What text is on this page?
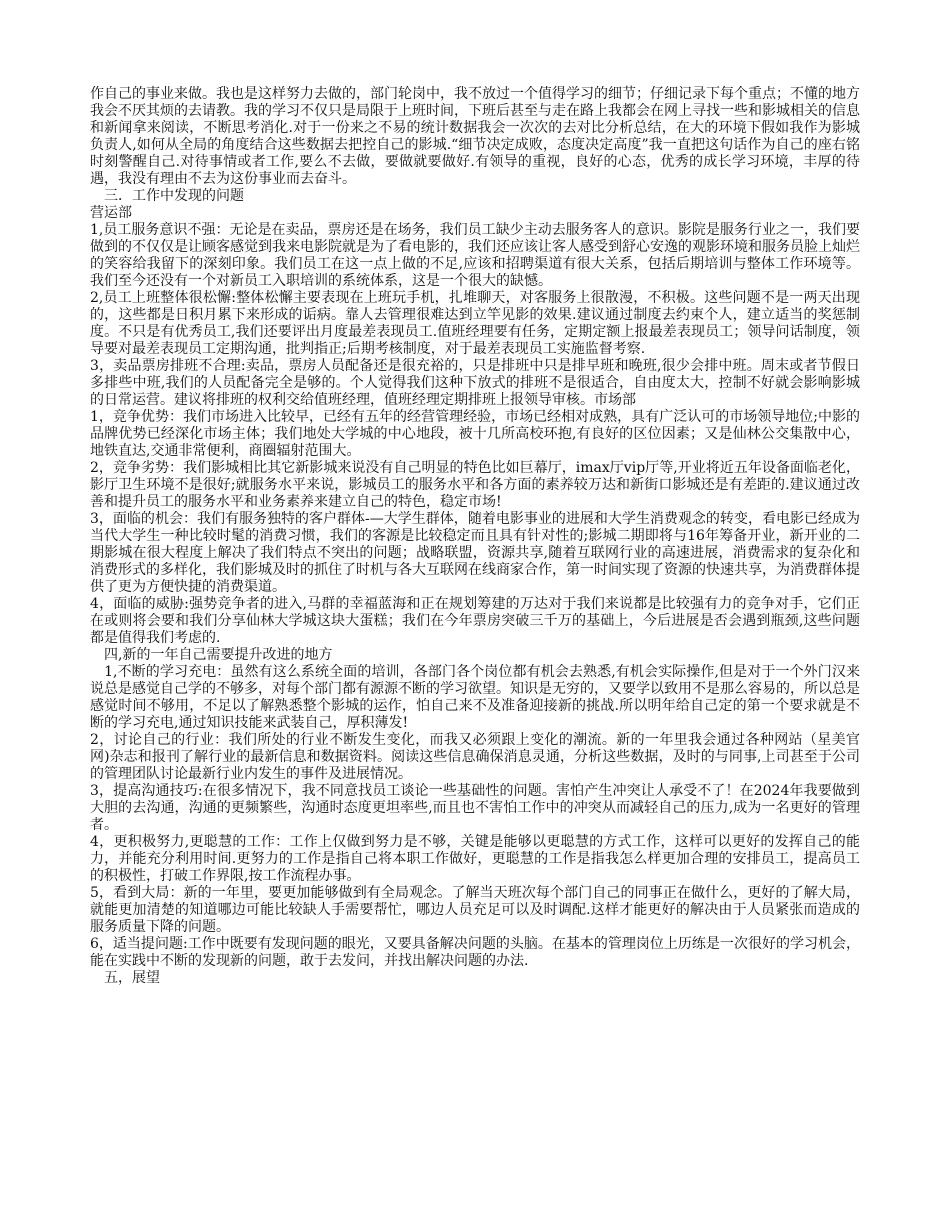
作自己的事业来做。我也是这样努力去做的，部门轮岗中，我不放过一个值得学习的细节；仔细记录下每个重点；不懂的地方我会不厌其烦的去请教。我的学习不仅只是局限于上班时间，下班后甚至与走在路上我都会在网上寻找一些和影城相关的信息和新闻拿来阅读，不断思考消化.对于一份来之不易的统计数据我会一次次的去对比分析总结，在大的环境下假如我作为影城负责人,如何从全局的角度结合这些数据去把控自己的影城.“细节决定成败，态度决定高度”我一直把这句话作为自己的座右铭时刻警醒自己.对待事情或者工作,要么不去做，要做就要做好.有领导的重视，良好的心态，优秀的成长学习环境，丰厚的待遇，我没有理由不去为这份事业而去奋斗。

　三．工作中发现的问题

营运部

1,员工服务意识不强：无论是在卖品，票房还是在场务，我们员工缺少主动去服务客人的意识。影院是服务行业之一，我们要做到的不仅仅是让顾客感觉到我来电影院就是为了看电影的，我们还应该让客人感受到舒心安逸的观影环境和服务员脸上灿烂的笑容给我留下的深刻印象。我们员工在这一点上做的不足,应该和招聘渠道有很大关系，包括后期培训与整体工作环境等。我们至今还没有一个对新员工入职培训的系统体系，这是一个很大的缺憾。

2,员工上班整体很松懈:整体松懈主要表现在上班玩手机，扎堆聊天，对客服务上很散漫，不积极。这些问题不是一两天出现的，这些都是日积月累下来形成的诟病。靠人去管理很难达到立竿见影的效果.建议通过制度去约束个人，建立适当的奖惩制度。不只是有优秀员工,我们还要评出月度最差表现员工.值班经理要有任务，定期定额上报最差表现员工；领导问话制度，领导要对最差表现员工定期沟通，批判指正;后期考核制度，对于最差表现员工实施监督考察.

3，卖品票房排班不合理:卖品，票房人员配备还是很充裕的，只是排班中只是排早班和晚班,很少会排中班。周末或者节假日多排些中班,我们的人员配备完全是够的。个人觉得我们这种下放式的排班不是很适合，自由度太大，控制不好就会影响影城的日常运营。建议将排班的权利交给值班经理，值班经理定期排班上报领导审核。市场部

1，竞争优势：我们市场进入比较早，已经有五年的经营管理经验，市场已经相对成熟，具有广泛认可的市场领导地位;中影的品牌优势已经深化市场主体；我们地处大学城的中心地段，被十几所高校环抱,有良好的区位因素；又是仙林公交集散中心，地铁直达,交通非常便利，商圈辐射范围大。

2，竞争劣势：我们影城相比其它新影城来说没有自己明显的特色比如巨幕厅，imax厅vip厅等,开业将近五年设备面临老化，影厅卫生环境不是很好;就服务水平来说，影城员工的服务水平和各方面的素养较万达和新街口影城还是有差距的.建议通过改善和提升员工的服务水平和业务素养来建立自己的特色，稳定市场!

3，面临的机会：我们有服务独特的客户群体-—大学生群体，随着电影事业的进展和大学生消费观念的转变，看电影已经成为当代大学生一种比较时髦的消费习惯，我们的客源是比较稳定而且具有针对性的;影城二期即将与16年筹备开业，新开业的二期影城在很大程度上解决了我们特点不突出的问题；战略联盟，资源共享,随着互联网行业的高速进展，消费需求的复杂化和消费形式的多样化，我们影城及时的抓住了时机与各大互联网在线商家合作，第一时间实现了资源的快速共享，为消费群体提供了更为方便快捷的消费渠道。

4，面临的威胁:强势竞争者的进入,马群的幸福蓝海和正在规划筹建的万达对于我们来说都是比较强有力的竞争对手，它们正在或则将会要和我们分享仙林大学城这块大蛋糕；我们在今年票房突破三千万的基础上，今后进展是否会遇到瓶颈,这些问题都是值得我们考虑的.

　四,新的一年自己需要提升改进的地方

　1,不断的学习充电：虽然有这么系统全面的培训，各部门各个岗位都有机会去熟悉,有机会实际操作,但是对于一个外门汉来说总是感觉自己学的不够多，对每个部门都有源源不断的学习欲望。知识是无穷的，又要学以致用不是那么容易的，所以总是感觉时间不够用，不足以了解熟悉整个影城的运作，怕自己来不及准备迎接新的挑战.所以明年给自己定的第一个要求就是不断的学习充电,通过知识技能来武装自己，厚积薄发!

2，讨论自己的行业：我们所处的行业不断发生变化，而我又必须跟上变化的潮流。新的一年里我会通过各种网站（星美官网)杂志和报刊了解行业的最新信息和数据资料。阅读这些信息确保消息灵通，分析这些数据，及时的与同事,上司甚至于公司的管理团队讨论最新行业内发生的事件及进展情况。

3，提高沟通技巧:在很多情况下，我不同意找员工谈论一些基础性的问题。害怕产生冲突让人承受不了！在2024年我要做到大胆的去沟通，沟通的更频繁些，沟通时态度更坦率些,而且也不害怕工作中的冲突从而减轻自己的压力,成为一名更好的管理者。

4，更积极努力,更聪慧的工作：工作上仅做到努力是不够，关键是能够以更聪慧的方式工作，这样可以更好的发挥自己的能力，并能充分利用时间.更努力的工作是指自己将本职工作做好，更聪慧的工作是指我怎么样更加合理的安排员工，提高员工的积极性，打破工作界限,按工作流程办事。

5，看到大局：新的一年里，要更加能够做到有全局观念。了解当天班次每个部门自己的同事正在做什么，更好的了解大局，就能更加清楚的知道哪边可能比较缺人手需要帮忙，哪边人员充足可以及时调配.这样才能更好的解决由于人员紧张而造成的服务质量下降的问题。

6，适当提问题:工作中既要有发现问题的眼光，又要具备解决问题的头脑。在基本的管理岗位上历练是一次很好的学习机会，能在实践中不断的发现新的问题，敢于去发问，并找出解决问题的办法.

　五，展望
